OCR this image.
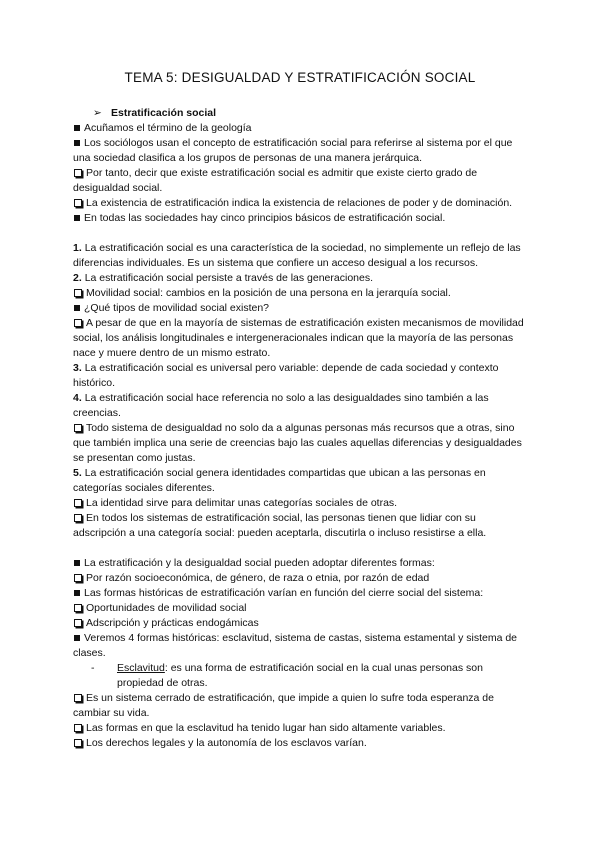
TEMA 5: DESIGUALDAD Y ESTRATIFICACIÓN SOCIAL
➢ Estratificación social
Acuñamos el término de la geología
Los sociólogos usan el concepto de estratificación social para referirse al sistema por el que una sociedad clasifica a los grupos de personas de una manera jerárquica.
Por tanto, decir que existe estratificación social es admitir que existe cierto grado de desigualdad social.
La existencia de estratificación indica la existencia de relaciones de poder y de dominación.
En todas las sociedades hay cinco principios básicos de estratificación social.
1. La estratificación social es una característica de la sociedad, no simplemente un reflejo de las diferencias individuales. Es un sistema que confiere un acceso desigual a los recursos.
2. La estratificación social persiste a través de las generaciones.
Movilidad social: cambios en la posición de una persona en la jerarquía social.
¿Qué tipos de movilidad social existen?
A pesar de que en la mayoría de sistemas de estratificación existen mecanismos de movilidad social, los análisis longitudinales e intergeneracionales indican que la mayoría de las personas nace y muere dentro de un mismo estrato.
3. La estratificación social es universal pero variable: depende de cada sociedad y contexto histórico.
4. La estratificación social hace referencia no solo a las desigualdades sino también a las creencias.
Todo sistema de desigualdad no solo da a algunas personas más recursos que a otras, sino que también implica una serie de creencias bajo las cuales aquellas diferencias y desigualdades se presentan como justas.
5. La estratificación social genera identidades compartidas que ubican a las personas en categorías sociales diferentes.
La identidad sirve para delimitar unas categorías sociales de otras.
En todos los sistemas de estratificación social, las personas tienen que lidiar con su adscripción a una categoría social: pueden aceptarla, discutirla o incluso resistirse a ella.
La estratificación y la desigualdad social pueden adoptar diferentes formas:
Por razón socioeconómica, de género, de raza o etnia, por razón de edad
Las formas históricas de estratificación varían en función del cierre social del sistema:
Oportunidades de movilidad social
Adscripción y prácticas endogámicas
Veremos 4 formas históricas: esclavitud, sistema de castas, sistema estamental y sistema de clases.
-	Esclavitud: es una forma de estratificación social en la cual unas personas son propiedad de otras.
Es un sistema cerrado de estratificación, que impide a quien lo sufre toda esperanza de cambiar su vida.
Las formas en que la esclavitud ha tenido lugar han sido altamente variables.
Los derechos legales y la autonomía de los esclavos varían.
